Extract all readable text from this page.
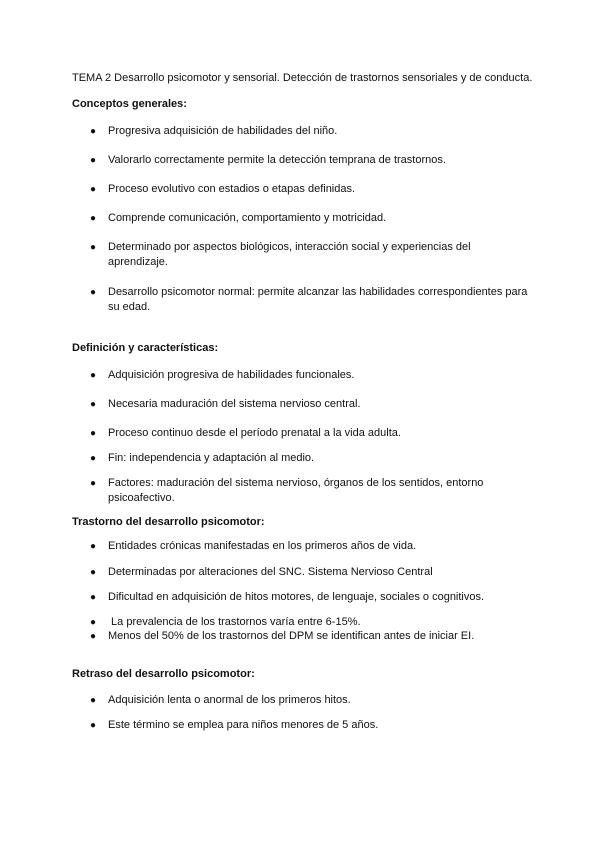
TEMA 2 Desarrollo psicomotor y sensorial. Detección de trastornos sensoriales y de conducta.

Conceptos generales:

●	Progresiva adquisición de habilidades del niño.
●	Valorarlo correctamente permite la detección temprana de trastornos.
●	Proceso evolutivo con estadios o etapas definidas.
●	Comprende comunicación, comportamiento y motricidad.
●	Determinado por aspectos biológicos, interacción social y experiencias del aprendizaje.
●	Desarrollo psicomotor normal: permite alcanzar las habilidades correspondientes para su edad.

Definición y características:

●	Adquisición progresiva de habilidades funcionales.
●	Necesaria maduración del sistema nervioso central.
●	Proceso continuo desde el período prenatal a la vida adulta.
●	Fin: independencia y adaptación al medio.
●	Factores: maduración del sistema nervioso, órganos de los sentidos, entorno psicoafectivo.

Trastorno del desarrollo psicomotor:

●	Entidades crónicas manifestadas en los primeros años de vida.
●	Determinadas por alteraciones del SNC. Sistema Nervioso Central
●	Dificultad en adquisición de hitos motores, de lenguaje, sociales o cognitivos.
●	La prevalencia de los trastornos varía entre 6-15%.
●	Menos del 50% de los trastornos del DPM se identifican antes de iniciar EI.

Retraso del desarrollo psicomotor:

●	Adquisición lenta o anormal de los primeros hitos.
●	Este término se emplea para niños menores de 5 años.
